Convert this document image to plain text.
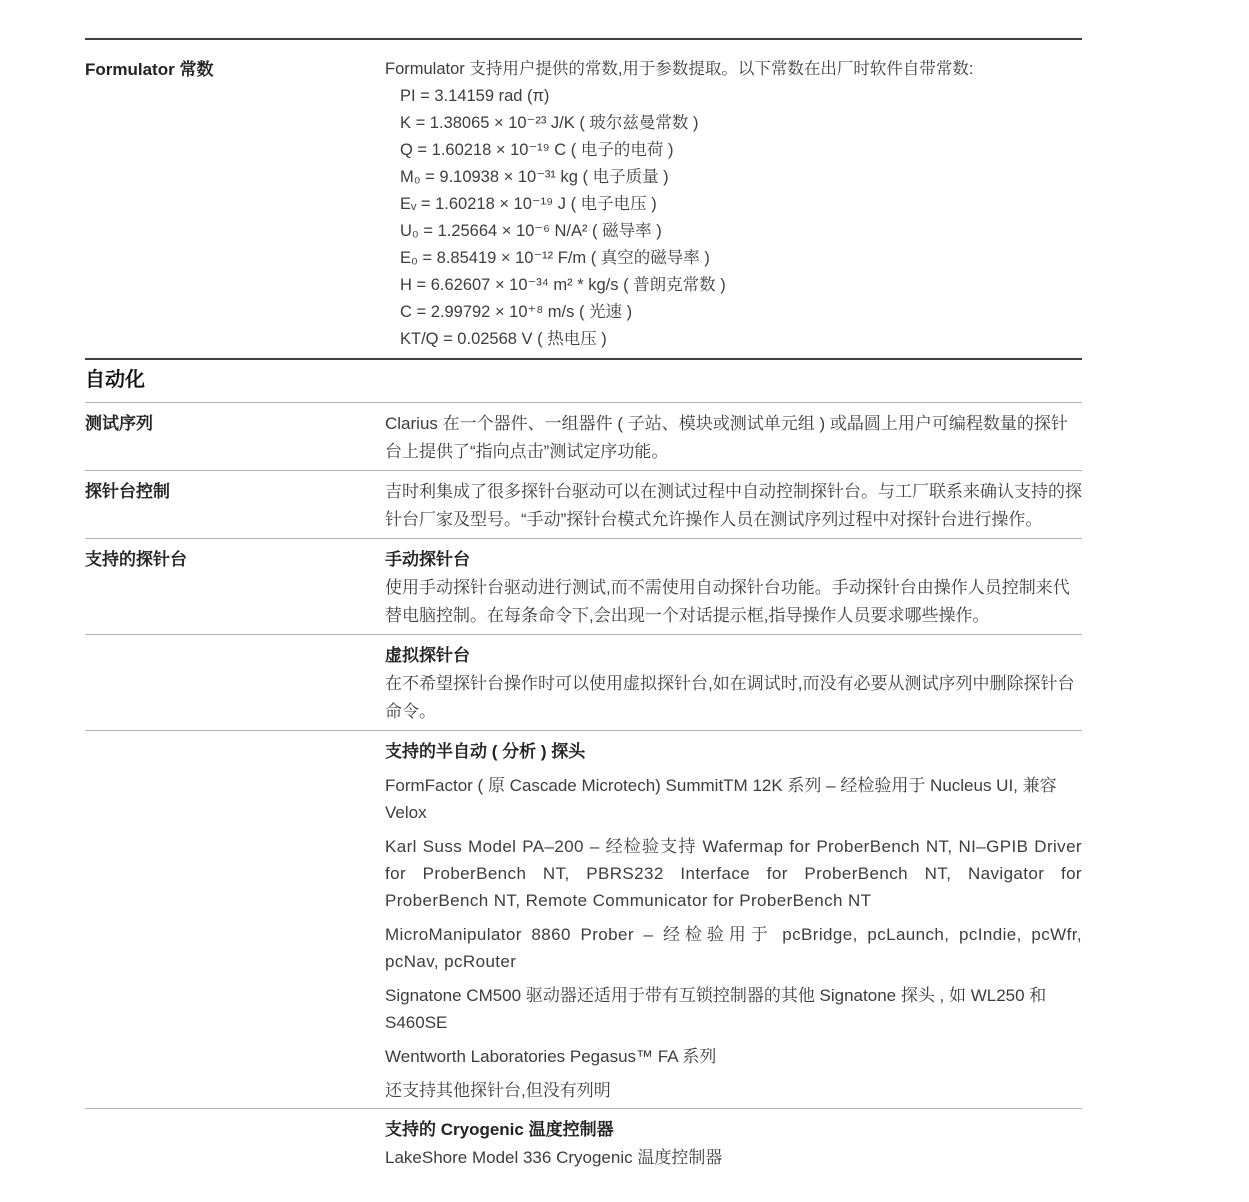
Formulator 常数	Formulator 支持用户提供的常数,用于参数提取。以下常数在出厂时软件自带常数:

PI = 3.14159 rad (π)
K = 1.38065 × 10⁻²³ J/K ( 玻尔兹曼常数 )
Q = 1.60218 × 10⁻¹⁹ C ( 电子的电荷 )
M₀ = 9.10938 × 10⁻³¹ kg ( 电子质量 )
Eᵥ = 1.60218 × 10⁻¹⁹ J ( 电子电压 )
U₀ = 1.25664 × 10⁻⁶ N/A² ( 磁导率 )
E₀ = 8.85419 × 10⁻¹² F/m ( 真空的磁导率 )
H = 6.62607 × 10⁻³⁴ m² * kg/s ( 普朗克常数 )
C = 2.99792 × 10⁺⁸ m/s ( 光速 )
KT/Q = 0.02568 V ( 热电压 )
自动化
测试序列	Clarius 在一个器件、一组器件 ( 子站、模块或测试单元组 ) 或晶圆上用户可编程数量的探针台上提供了“指向点击”测试定序功能。

探针台控制	吉时利集成了很多探针台驱动可以在测试过程中自动控制探针台。与工厂联系来确认支持的探针台厂家及型号。“手动”探针台模式允许操作人员在测试序列过程中对探针台进行操作。

支持的探针台	手动探针台

使用手动探针台驱动进行测试,而不需使用自动探针台功能。手动探针台由操作人员控制来代替电脑控制。在每条命令下,会出现一个对话提示框,指导操作人员要求哪些操作。

虚拟探针台

在不希望探针台操作时可以使用虚拟探针台,如在调试时,而没有必要从测试序列中删除探针台命令。

支持的半自动 ( 分析 ) 探头

FormFactor ( 原 Cascade Microtech) SummitTM 12K 系列 – 经检验用于 Nucleus UI, 兼容 Velox

Karl Suss Model PA–200 – 经检验支持 Wafermap for ProberBench NT, NI–GPIB Driver for ProberBench NT, PBRS232 Interface for ProberBench NT, Navigator for ProberBench NT, Remote Communicator for ProberBench NT

MicroManipulator 8860 Prober – 经检验用于 pcBridge, pcLaunch, pcIndie, pcWfr, pcNav, pcRouter

Signatone CM500 驱动器还适用于带有互锁控制器的其他 Signatone 探头 , 如 WL250 和 S460SE

Wentworth Laboratories Pegasus™ FA 系列

还支持其他探针台,但没有列明

支持的 Cryogenic 温度控制器

LakeShore Model 336 Cryogenic 温度控制器
